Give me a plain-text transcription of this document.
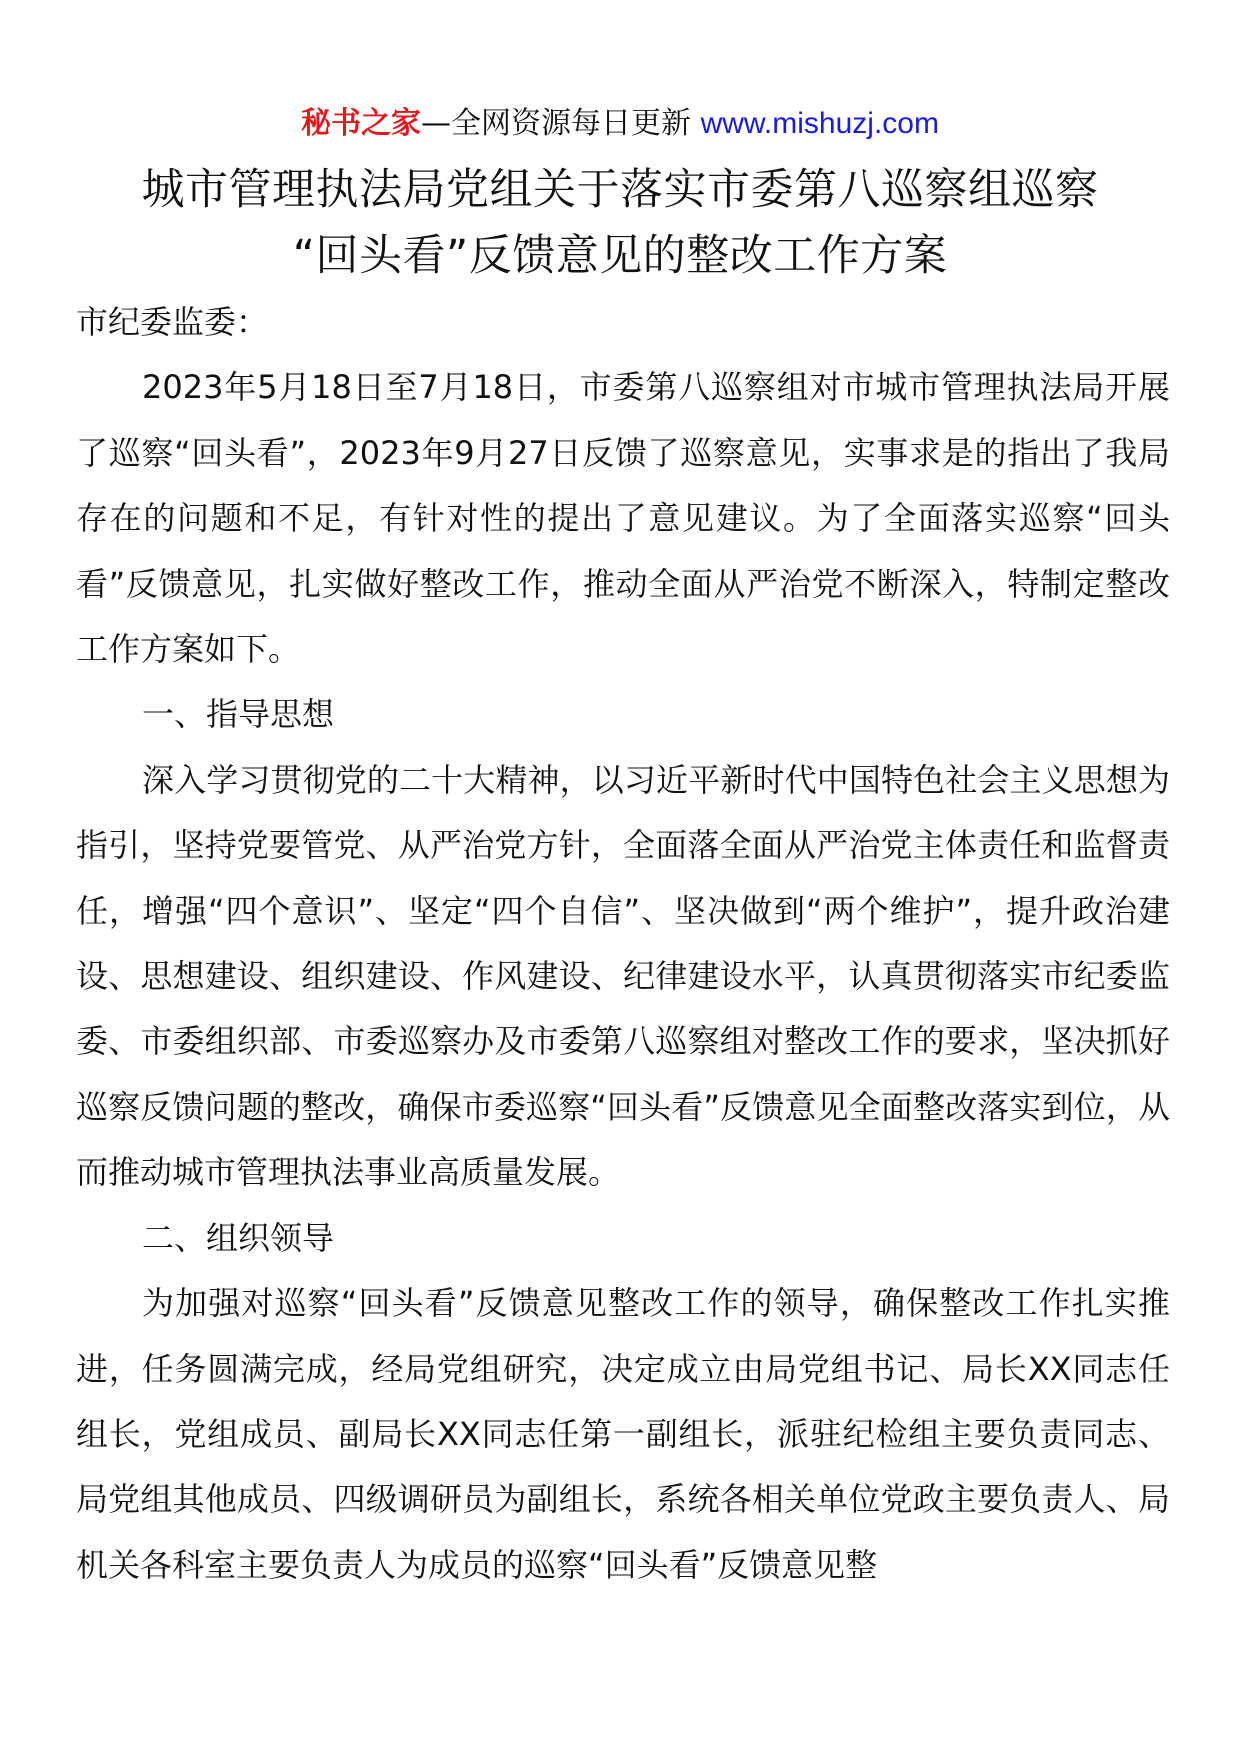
秘书之家—全网资源每日更新 www.mishuzj.com
城市管理执法局党组关于落实市委第八巡察组巡察
“回头看”反馈意见的整改工作方案

市纪委监委：

2023年5月18日至7月18日，市委第八巡察组对市城市管理执法局开展了巡察“回头看”，2023年9月27日反馈了巡察意见，实事求是的指出了我局存在的问题和不足，有针对性的提出了意见建议。为了全面落实巡察“回头看”反馈意见，扎实做好整改工作，推动全面从严治党不断深入，特制定整改工作方案如下。

一、指导思想

深入学习贯彻党的二十大精神，以习近平新时代中国特色社会主义思想为指引，坚持党要管党、从严治党方针，全面落全面从严治党主体责任和监督责任，增强“四个意识”、坚定“四个自信”、坚决做到“两个维护”，提升政治建设、思想建设、组织建设、作风建设、纪律建设水平，认真贯彻落实市纪委监委、市委组织部、市委巡察办及市委第八巡察组对整改工作的要求，坚决抓好巡察反馈问题的整改，确保市委巡察“回头看”反馈意见全面整改落实到位，从而推动城市管理执法事业高质量发展。

二、组织领导

为加强对巡察“回头看”反馈意见整改工作的领导，确保整改工作扎实推进，任务圆满完成，经局党组研究，决定成立由局党组书记、局长XX同志任组长，党组成员、副局长XX同志任第一副组长，派驻纪检组主要负责同志、局党组其他成员、四级调研员为副组长，系统各相关单位党政主要负责人、局机关各科室主要负责人为成员的巡察“回头看”反馈意见整
